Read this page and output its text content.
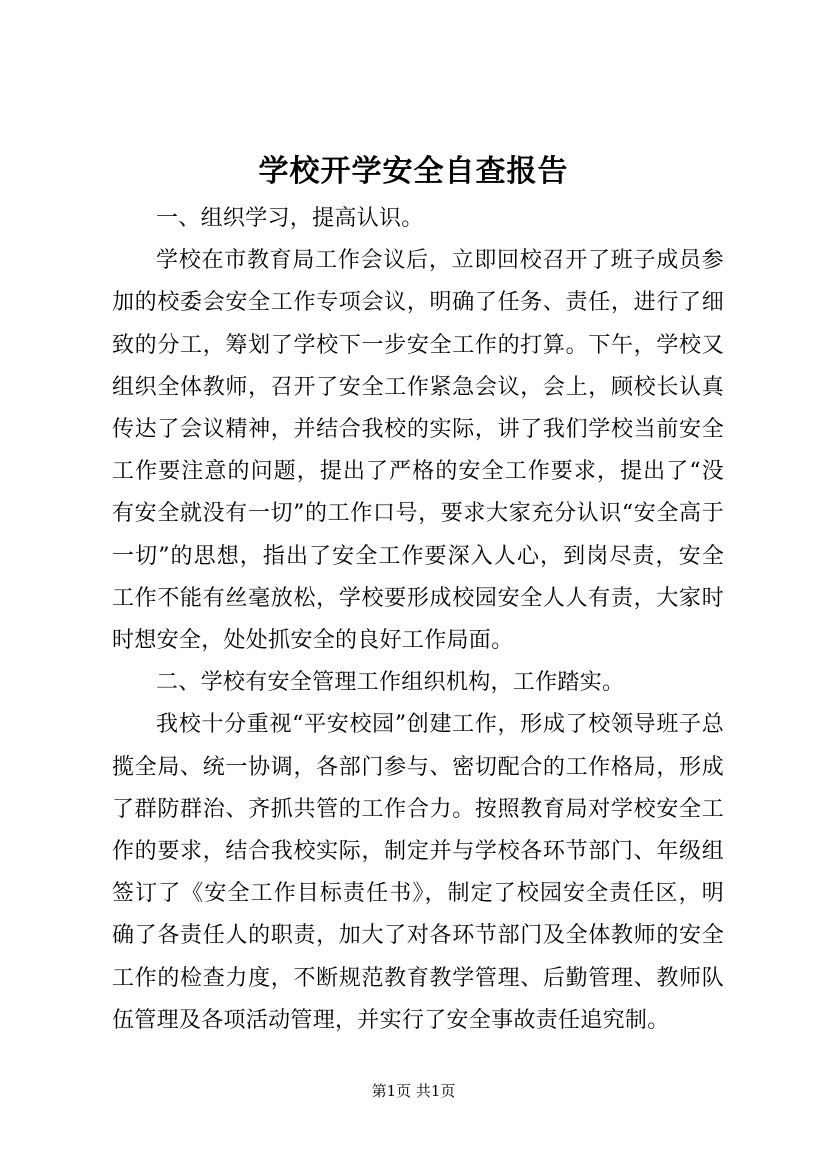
学校开学安全自查报告

一、组织学习，提高认识。

学校在市教育局工作会议后，立即回校召开了班子成员参加的校委会安全工作专项会议，明确了任务、责任，进行了细致的分工，筹划了学校下一步安全工作的打算。下午，学校又组织全体教师，召开了安全工作紧急会议，会上，顾校长认真传达了会议精神，并结合我校的实际，讲了我们学校当前安全工作要注意的问题，提出了严格的安全工作要求，提出了“没有安全就没有一切”的工作口号，要求大家充分认识“安全高于一切”的思想，指出了安全工作要深入人心，到岗尽责，安全工作不能有丝毫放松，学校要形成校园安全人人有责，大家时时想安全，处处抓安全的良好工作局面。

二、学校有安全管理工作组织机构，工作踏实。

我校十分重视“平安校园”创建工作，形成了校领导班子总揽全局、统一协调，各部门参与、密切配合的工作格局，形成了群防群治、齐抓共管的工作合力。按照教育局对学校安全工作的要求，结合我校实际，制定并与学校各环节部门、年级组签订了《安全工作目标责任书》，制定了校园安全责任区，明确了各责任人的职责，加大了对各环节部门及全体教师的安全工作的检查力度，不断规范教育教学管理、后勤管理、教师队伍管理及各项活动管理，并实行了安全事故责任追究制。

第1页 共1页
